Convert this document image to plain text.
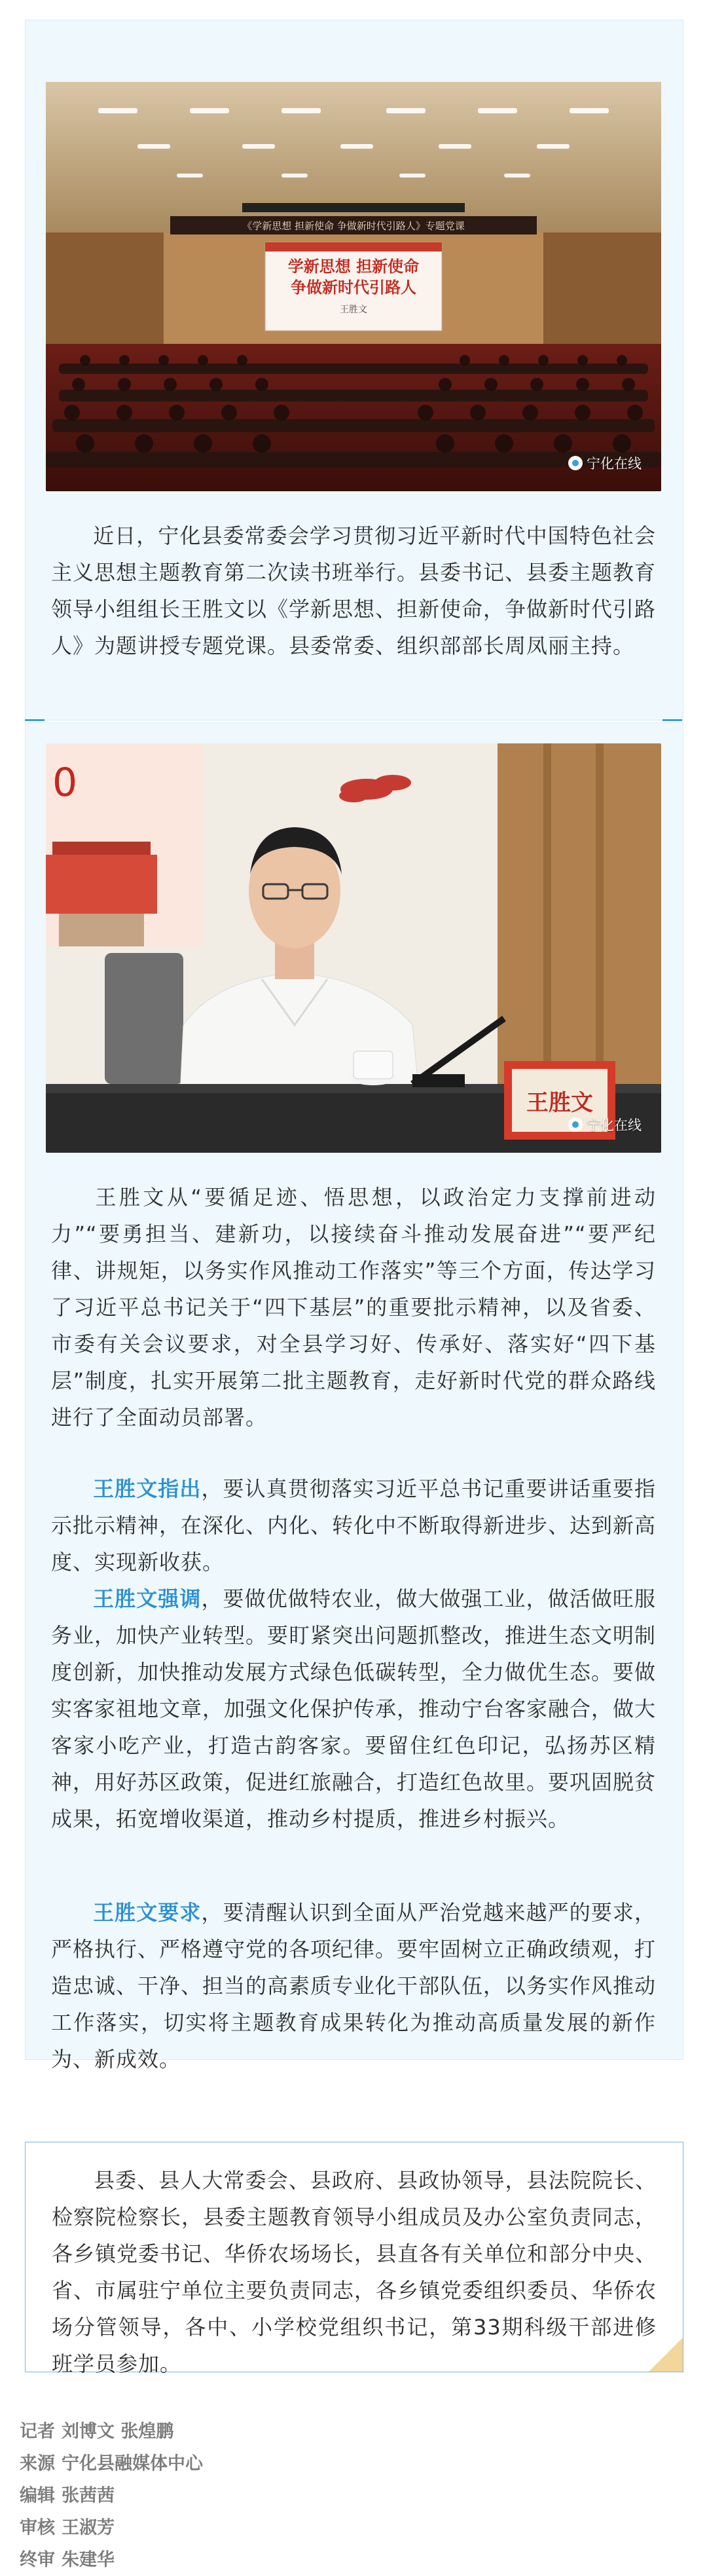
《学新思想 担新使命 争做新时代引路人》专题党课
学新思想 担新使命
争做新时代引路人
王胜文
宁化在线

近日，宁化县委常委会学习贯彻习近平新时代中国特色社会主义思想主题教育第二次读书班举行。县委书记、县委主题教育领导小组组长王胜文以《学新思想、担新使命，争做新时代引路人》为题讲授专题党课。县委常委、组织部部长周凤丽主持。

0
王胜文
宁化在线

王胜文从“要循足迹、悟思想，以政治定力支撑前进动力”“要勇担当、建新功，以接续奋斗推动发展奋进”“要严纪律、讲规矩，以务实作风推动工作落实”等三个方面，传达学习了习近平总书记关于“四下基层”的重要批示精神，以及省委、市委有关会议要求，对全县学习好、传承好、落实好“四下基层”制度，扎实开展第二批主题教育，走好新时代党的群众路线进行了全面动员部署。

王胜文指出，要认真贯彻落实习近平总书记重要讲话重要指示批示精神，在深化、内化、转化中不断取得新进步、达到新高度、实现新收获。

王胜文强调，要做优做特农业，做大做强工业，做活做旺服务业，加快产业转型。要盯紧突出问题抓整改，推进生态文明制度创新，加快推动发展方式绿色低碳转型，全力做优生态。要做实客家祖地文章，加强文化保护传承，推动宁台客家融合，做大客家小吃产业，打造古韵客家。要留住红色印记，弘扬苏区精神，用好苏区政策，促进红旅融合，打造红色故里。要巩固脱贫成果，拓宽增收渠道，推动乡村提质，推进乡村振兴。

王胜文要求，要清醒认识到全面从严治党越来越严的要求，严格执行、严格遵守党的各项纪律。要牢固树立正确政绩观，打造忠诚、干净、担当的高素质专业化干部队伍，以务实作风推动工作落实，切实将主题教育成果转化为推动高质量发展的新作为、新成效。

县委、县人大常委会、县政府、县政协领导，县法院院长、检察院检察长，县委主题教育领导小组成员及办公室负责同志，各乡镇党委书记、华侨农场场长，县直各有关单位和部分中央、省、市属驻宁单位主要负责同志，各乡镇党委组织委员、华侨农场分管领导，各中、小学校党组织书记，第33期科级干部进修班学员参加。

记者 刘博文 张煌鹏
来源 宁化县融媒体中心
编辑 张茜茜
审核 王淑芳
终审 朱建华
